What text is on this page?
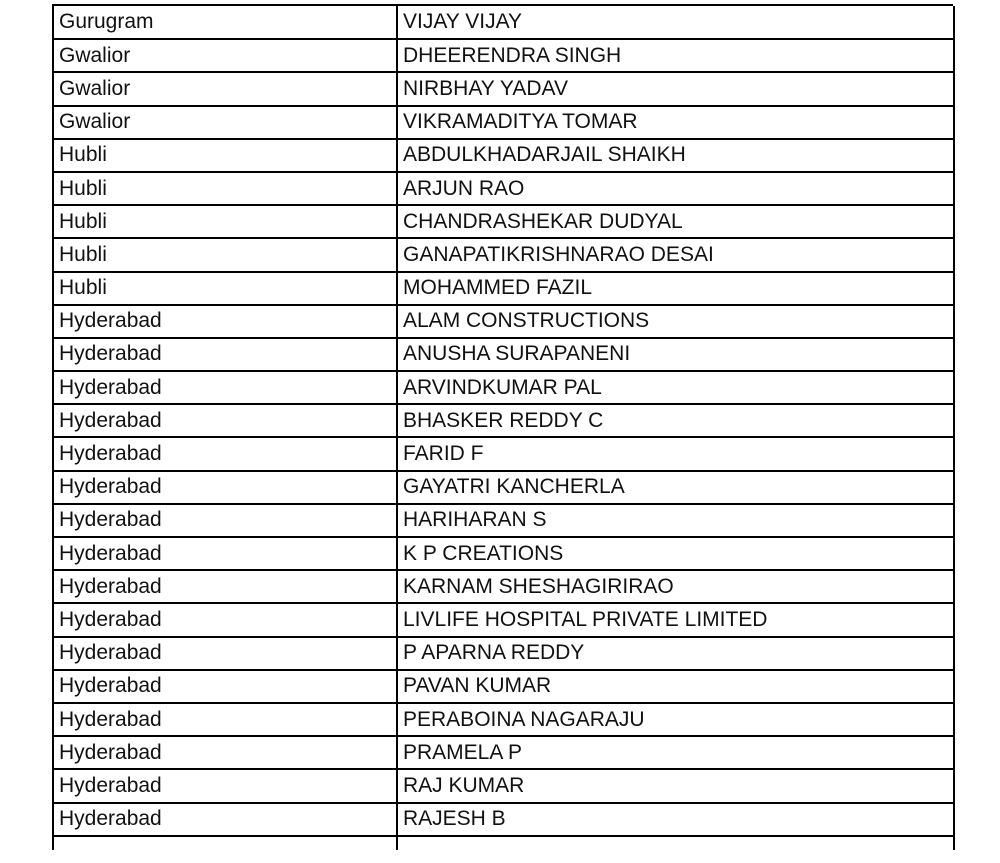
Gurugram	VIJAY VIJAY
Gwalior	DHEERENDRA SINGH
Gwalior	NIRBHAY YADAV
Gwalior	VIKRAMADITYA TOMAR
Hubli	ABDULKHADARJAIL SHAIKH
Hubli	ARJUN RAO
Hubli	CHANDRASHEKAR DUDYAL
Hubli	GANAPATIKRISHNARAO DESAI
Hubli	MOHAMMED FAZIL
Hyderabad	ALAM CONSTRUCTIONS
Hyderabad	ANUSHA SURAPANENI
Hyderabad	ARVINDKUMAR PAL
Hyderabad	BHASKER REDDY C
Hyderabad	FARID F
Hyderabad	GAYATRI KANCHERLA
Hyderabad	HARIHARAN S
Hyderabad	K P CREATIONS
Hyderabad	KARNAM SHESHAGIRIRAO
Hyderabad	LIVLIFE HOSPITAL PRIVATE LIMITED
Hyderabad	P APARNA REDDY
Hyderabad	PAVAN KUMAR
Hyderabad	PERABOINA NAGARAJU
Hyderabad	PRAMELA P
Hyderabad	RAJ KUMAR
Hyderabad	RAJESH B
